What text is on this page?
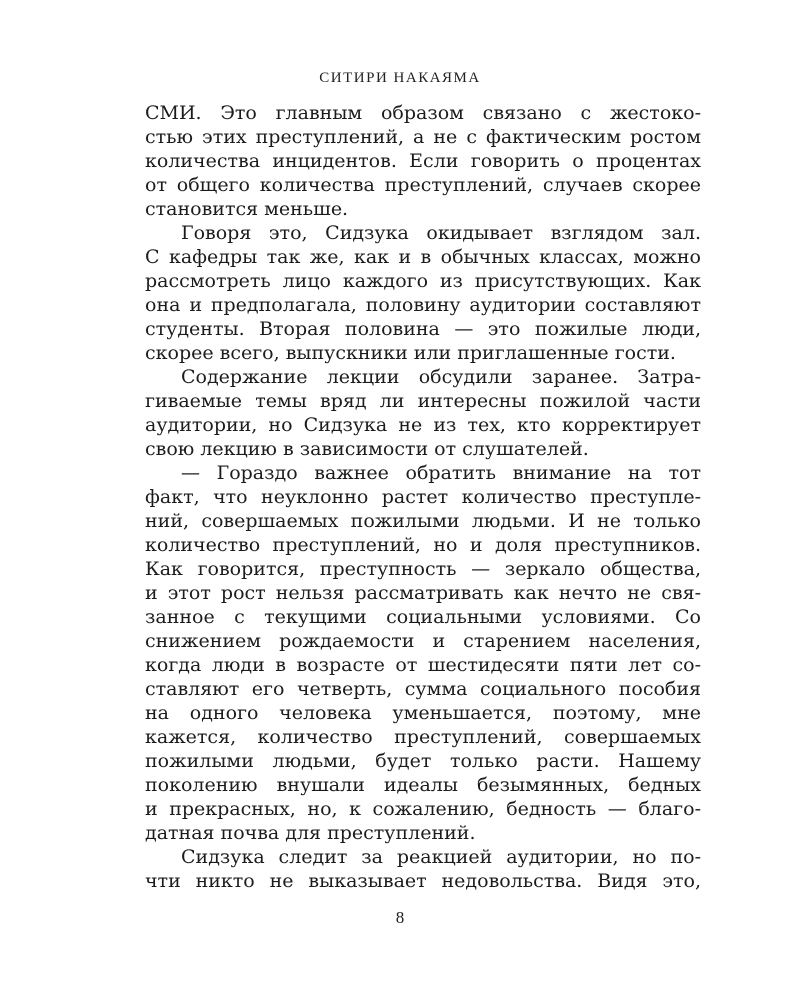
СИТИРИ НАКАЯМА
СМИ. Это главным образом связано с жестоко-
стью этих преступлений, а не с фактическим ростом
количества инцидентов. Если говорить о процентах
от общего количества преступлений, случаев скорее
становится меньше.
Говоря это, Сидзука окидывает взглядом зал.
С кафедры так же, как и в обычных классах, можно
рассмотреть лицо каждого из присутствующих. Как
она и предполагала, половину аудитории составляют
студенты. Вторая половина — это пожилые люди,
скорее всего, выпускники или приглашенные гости.
Содержание лекции обсудили заранее. Затра-
гиваемые темы вряд ли интересны пожилой части
аудитории, но Сидзука не из тех, кто корректирует
свою лекцию в зависимости от слушателей.
— Гораздо важнее обратить внимание на тот
факт, что неуклонно растет количество преступле-
ний, совершаемых пожилыми людьми. И не только
количество преступлений, но и доля преступников.
Как говорится, преступность — зеркало общества,
и этот рост нельзя рассматривать как нечто не свя-
занное с текущими социальными условиями. Со
снижением рождаемости и старением населения,
когда люди в возрасте от шестидесяти пяти лет со-
ставляют его четверть, сумма социального пособия
на одного человека уменьшается, поэтому, мне
кажется, количество преступлений, совершаемых
пожилыми людьми, будет только расти. Нашему
поколению внушали идеалы безымянных, бедных
и прекрасных, но, к сожалению, бедность — благо-
датная почва для преступлений.
Сидзука следит за реакцией аудитории, но по-
чти никто не выказывает недовольства. Видя это,
8
